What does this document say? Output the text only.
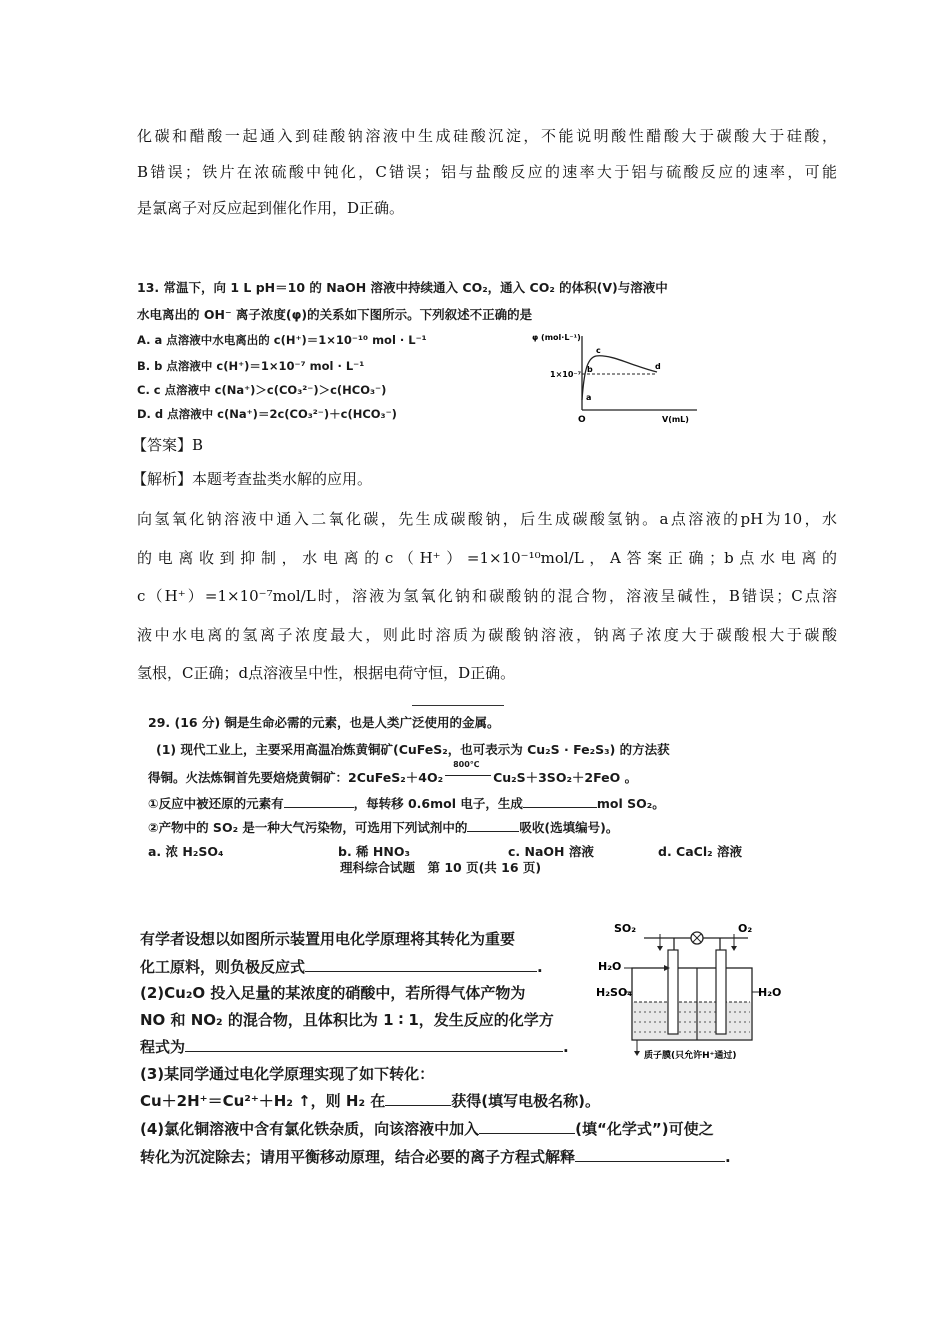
化碳和醋酸一起通入到硅酸钠溶液中生成硅酸沉淀，不能说明酸性醋酸大于碳酸大于硅酸，
B错误；铁片在浓硫酸中钝化，C错误；铝与盐酸反应的速率大于铝与硫酸反应的速率，可能
是氯离子对反应起到催化作用，D正确。
13. 常温下，向 1 L pH＝10 的 NaOH 溶液中持续通入 CO₂，通入 CO₂ 的体积(V)与溶液中
水电离出的 OH⁻ 离子浓度(φ)的关系如下图所示。下列叙述不正确的是
A. a 点溶液中水电离出的 c(H⁺)＝1×10⁻¹⁰ mol · L⁻¹
B. b 点溶液中 c(H⁺)＝1×10⁻⁷ mol · L⁻¹
C. c 点溶液中 c(Na⁺)＞c(CO₃²⁻)＞c(HCO₃⁻)
D. d 点溶液中 c(Na⁺)＝2c(CO₃²⁻)＋c(HCO₃⁻)
φ (mol·L⁻¹)
1×10⁻⁷
O	V(mL)
a
b
c
d
【答案】B
【解析】本题考查盐类水解的应用。
向氢氧化钠溶液中通入二氧化碳，先生成碳酸钠，后生成碳酸氢钠。a点溶液的pH为10，水
的电离收到抑制，水电离的c（H⁺）=1×10⁻¹⁰mol/L，A答案正确；b点水电离的
c（H⁺）=1×10⁻⁷mol/L时，溶液为氢氧化钠和碳酸钠的混合物，溶液呈碱性，B错误；C点溶
液中水电离的氢离子浓度最大，则此时溶质为碳酸钠溶液，钠离子浓度大于碳酸根大于碳酸
氢根，C正确；d点溶液呈中性，根据电荷守恒，D正确。
29. (16 分) 铜是生命必需的元素，也是人类广泛使用的金属。
(1) 现代工业上，主要采用高温冶炼黄铜矿(CuFeS₂，也可表示为 Cu₂S · Fe₂S₃) 的方法获
得铜。火法炼铜首先要焙烧黄铜矿：2CuFeS₂＋4O₂
800℃
Cu₂S＋3SO₂＋2FeO 。
①反应中被还原的元素有	，每转移 0.6mol 电子，生成	mol SO₂。
②产物中的 SO₂ 是一种大气污染物，可选用下列试剂中的	吸收(选填编号)。
a. 浓 H₂SO₄	b. 稀 HNO₃	c. NaOH 溶液	d. CaCl₂ 溶液
理科综合试题　第 10 页(共 16 页)
有学者设想以如图所示装置用电化学原理将其转化为重要
化工原料，则负极反应式	.
(2)Cu₂O 投入足量的某浓度的硝酸中，若所得气体产物为
NO 和 NO₂ 的混合物，且体积比为 1 ∶ 1，发生反应的化学方
程式为	.
(3)某同学通过电化学原理实现了如下转化：
Cu＋2H⁺＝Cu²⁺＋H₂ ↑，则 H₂ 在	获得(填写电极名称)。
(4)氯化铜溶液中含有氯化铁杂质，向该溶液中加入	(填“化学式”)可使之
转化为沉淀除去；请用平衡移动原理，结合必要的离子方程式解释	.
SO₂	O₂
H₂O
H₂SO₄	H₂O
质子膜(只允许H⁺通过)
